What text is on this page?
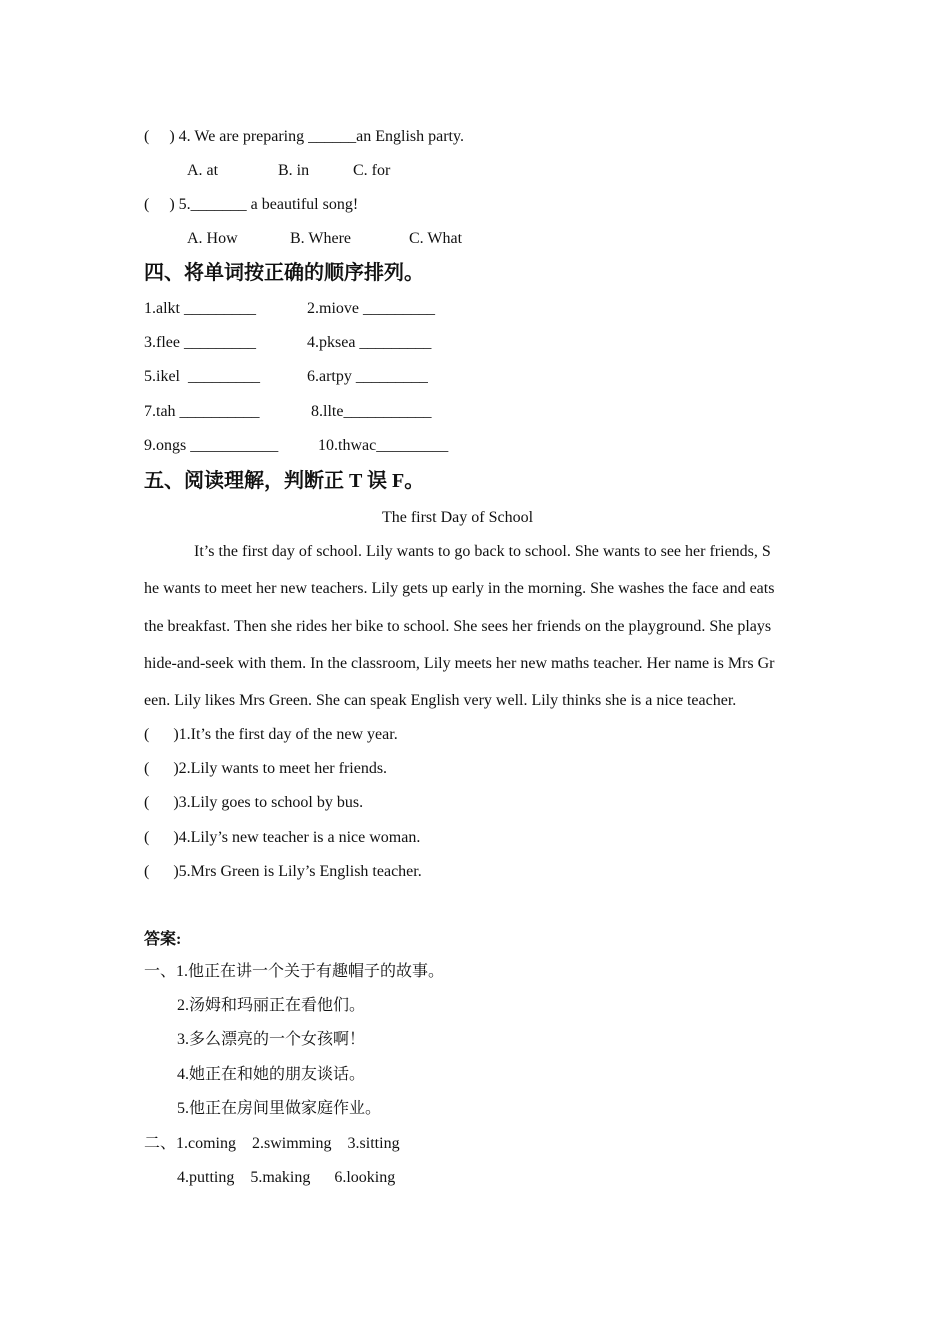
(     ) 4. We are preparing ______an English party.
A. at	B. in	C. for
(     ) 5._______ a beautiful song!
A. How	B. Where	C. What
四、将单词按正确的顺序排列。
1.alkt _________	2.miove _________
3.flee _________	4.pksea _________
5.ikel  _________	6.artpy _________
7.tah __________	8.llte___________
9.ongs ___________ 10.thwac_________
五、阅读理解，判断正 T 误 F。
The first Day of School
It’s the first day of school. Lily wants to go back to school. She wants to see her friends, S
he wants to meet her new teachers. Lily gets up early in the morning. She washes the face and eats
the breakfast. Then she rides her bike to school. She sees her friends on the playground. She plays
hide-and-seek with them. In the classroom, Lily meets her new maths teacher. Her name is Mrs Gr
een. Lily likes Mrs Green. She can speak English very well. Lily thinks she is a nice teacher.
(      )1.It’s the first day of the new year.
(      )2.Lily wants to meet her friends.
(      )3.Lily goes to school by bus.
(      )4.Lily’s new teacher is a nice woman.
(      )5.Mrs Green is Lily’s English teacher.
答案:
一、1.他正在讲一个关于有趣帽子的故事。
2.汤姆和玛丽正在看他们。
3.多么漂亮的一个女孩啊！
4.她正在和她的朋友谈话。
5.他正在房间里做家庭作业。
二、1.coming    2.swimming    3.sitting
4.putting    5.making      6.looking
